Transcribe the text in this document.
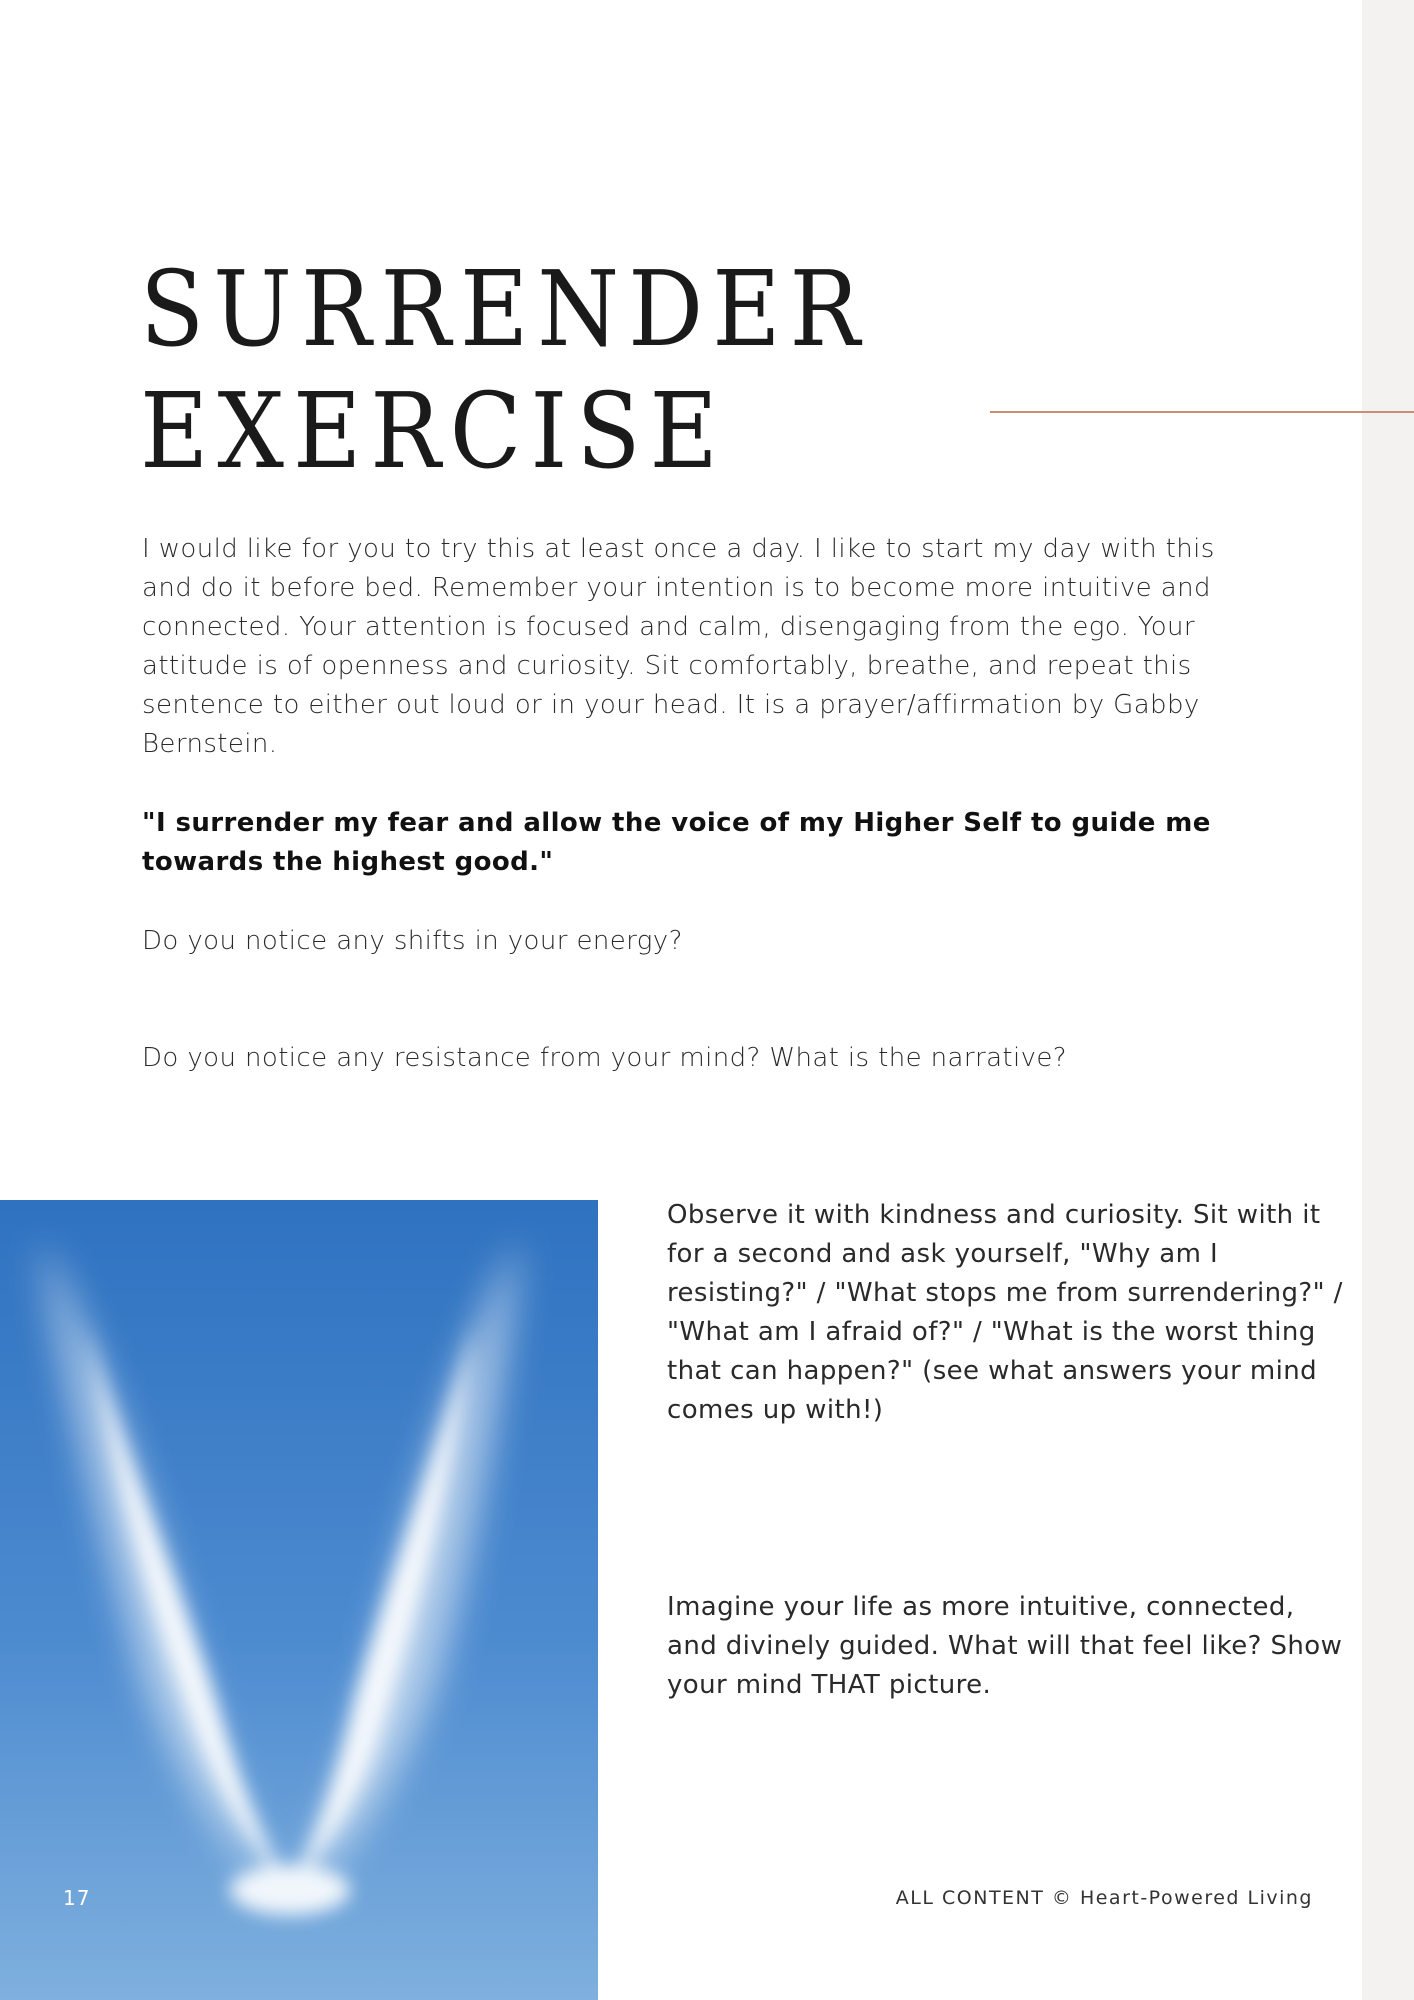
SURRENDER
EXERCISE

I would like for you to try this at least once a day. I like to start my day with this and do it before bed. Remember your intention is to become more intuitive and connected. Your attention is focused and calm, disengaging from the ego. Your attitude is of openness and curiosity. Sit comfortably, breathe, and repeat this sentence to either out loud or in your head. It is a prayer/affirmation by Gabby Bernstein.

"I surrender my fear and allow the voice of my Higher Self to guide me towards the highest good."

Do you notice any shifts in your energy?

Do you notice any resistance from your mind? What is the narrative?

Observe it with kindness and curiosity. Sit with it for a second and ask yourself, "Why am I resisting?" / "What stops me from surrendering?" / "What am I afraid of?" / "What is the worst thing that can happen?" (see what answers your mind comes up with!)

Imagine your life as more intuitive, connected, and divinely guided. What will that feel like? Show your mind THAT picture.

17	ALL CONTENT © Heart-Powered Living
